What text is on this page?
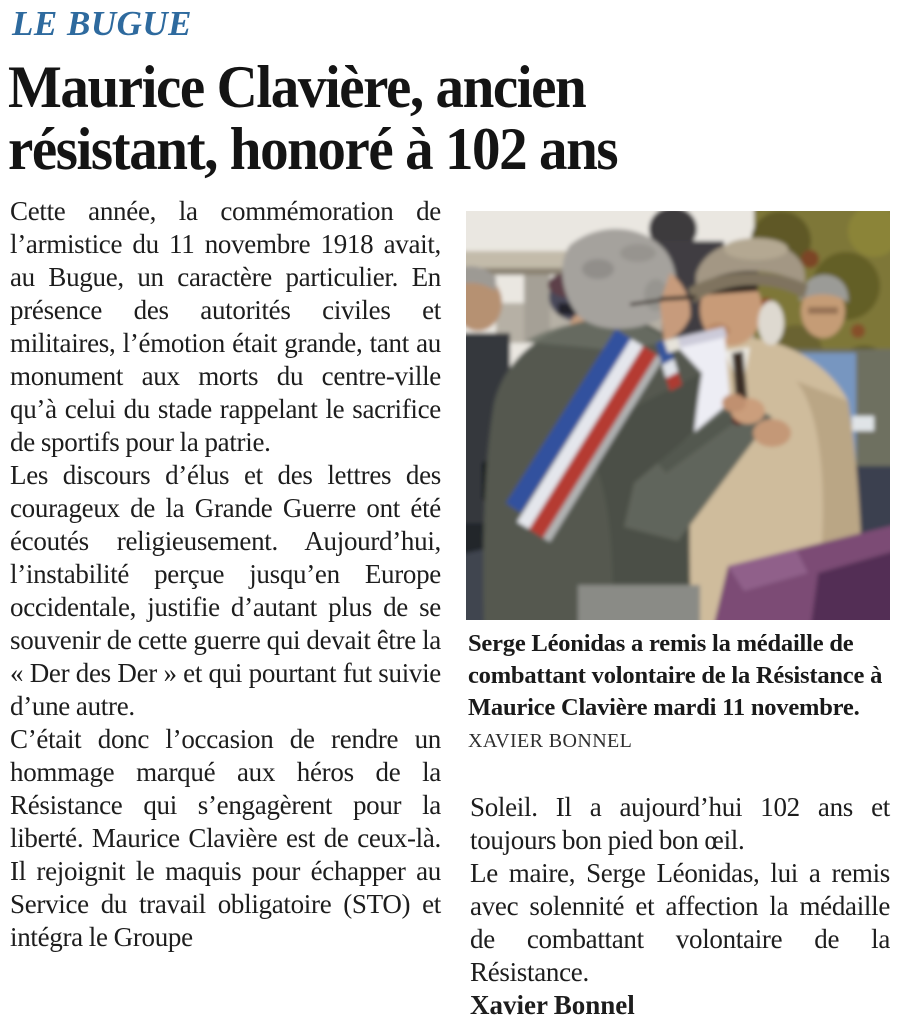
LE BUGUE
Maurice Clavière, ancien
résistant, honoré à 102 ans

Cette année, la commémoration de l’armistice du 11 novembre 1918 avait, au Bugue, un caractère particulier. En présence des autorités civiles et militaires, l’émotion était grande, tant au monument aux morts du centre-ville qu’à celui du stade rappelant le sacrifice de sportifs pour la patrie.

Les discours d’élus et des lettres des courageux de la Grande Guerre ont été écoutés religieusement. Aujourd’hui, l’instabilité perçue jusqu’en Europe occidentale, justifie d’autant plus de se souvenir de cette guerre qui devait être la « Der des Der » et qui pourtant fut suivie d’une autre.

C’était donc l’occasion de rendre un hommage marqué aux héros de la Résistance qui s’engagèrent pour la liberté. Maurice Clavière est de ceux-là. Il rejoignit le maquis pour échapper au Service du travail obligatoire (STO) et intégra le Groupe

Serge Léonidas a remis la médaille de combattant volontaire de la Résistance à Maurice Clavière mardi 11 novembre.
XAVIER BONNEL

Soleil. Il a aujourd’hui 102 ans et toujours bon pied bon œil.

Le maire, Serge Léonidas, lui a remis avec solennité et affection la médaille de combattant volontaire de la Résistance.

Xavier Bonnel
